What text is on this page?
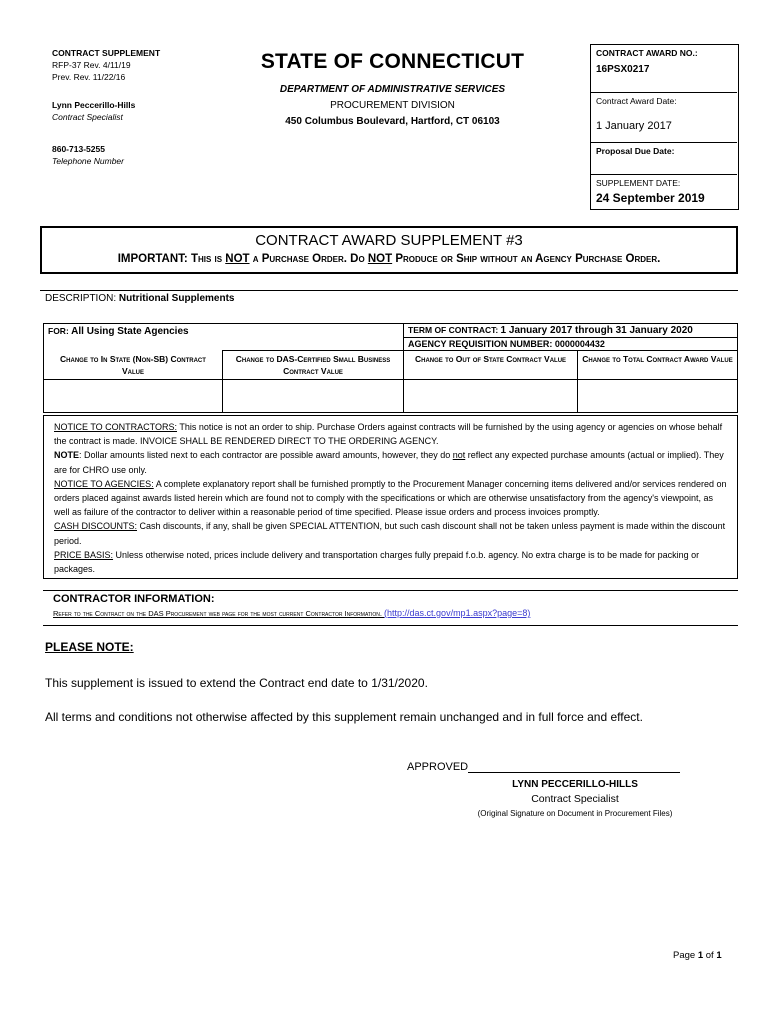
CONTRACT SUPPLEMENT
RFP-37 Rev. 4/11/19
Prev. Rev. 11/22/16
Lynn Peccerillo-Hills
Contract Specialist
860-713-5255
Telephone Number
STATE OF CONNECTICUT
DEPARTMENT OF ADMINISTRATIVE SERVICES
PROCUREMENT DIVISION
450 Columbus Boulevard, Hartford, CT 06103
CONTRACT AWARD NO.:
16PSX0217
Contract Award Date:
1 January 2017
Proposal Due Date:
SUPPLEMENT DATE:
24 September 2019
CONTRACT AWARD SUPPLEMENT #3
IMPORTANT: This is NOT a Purchase Order. Do NOT Produce or Ship without an Agency Purchase Order.
DESCRIPTION: Nutritional Supplements
FOR: All Using State Agencies		TERM OF CONTRACT: 1 January 2017 through 31 January 2020	
		AGENCY REQUISITION NUMBER: 0000004432	
Change to In State (Non-SB) Contract Value	Change to DAS-Certified Small Business Contract Value	Change to Out of State Contract Value	Change to Total Contract Award Value

NOTICE TO CONTRACTORS: This notice is not an order to ship. Purchase Orders against contracts will be furnished by the using agency or agencies on whose behalf the contract is made. INVOICE SHALL BE RENDERED DIRECT TO THE ORDERING AGENCY.

NOTE: Dollar amounts listed next to each contractor are possible award amounts, however, they do not reflect any expected purchase amounts (actual or implied). They are for CHRO use only.

NOTICE TO AGENCIES: A complete explanatory report shall be furnished promptly to the Procurement Manager concerning items delivered and/or services rendered on orders placed against awards listed herein which are found not to comply with the specifications or which are otherwise unsatisfactory from the agency's viewpoint, as well as failure of the contractor to deliver within a reasonable period of time specified. Please issue orders and process invoices promptly.

CASH DISCOUNTS: Cash discounts, if any, shall be given SPECIAL ATTENTION, but such cash discount shall not be taken unless payment is made within the discount period.

PRICE BASIS: Unless otherwise noted, prices include delivery and transportation charges fully prepaid f.o.b. agency. No extra charge is to be made for packing or packages.

CONTRACTOR INFORMATION:
Refer to the Contract on the DAS Procurement web page for the most current Contractor Information. (http://das.ct.gov/mp1.aspx?page=8)
PLEASE NOTE:
This supplement is issued to extend the Contract end date to 1/31/2020.
All terms and conditions not otherwise affected by this supplement remain unchanged and in full force and effect.
APPROVED
LYNN PECCERILLO-HILLS
Contract Specialist
(Original Signature on Document in Procurement Files)
Page 1 of 1
